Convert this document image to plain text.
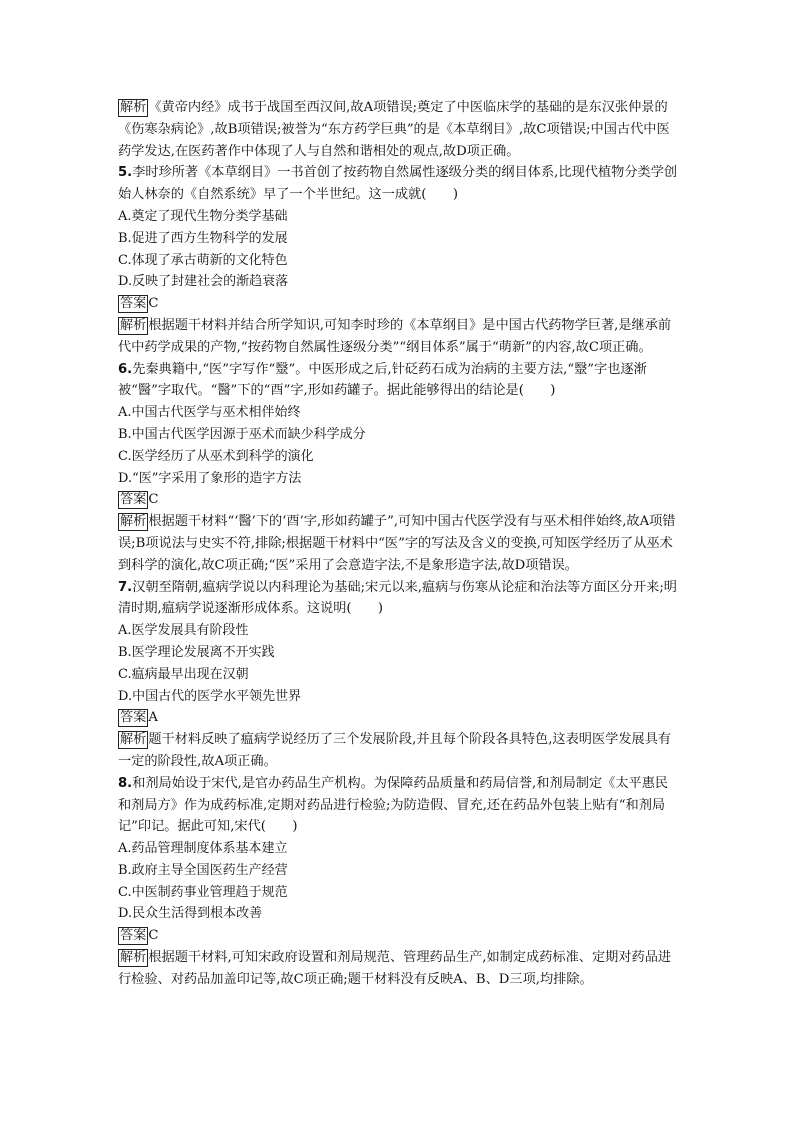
解析 《黄帝内经》成书于战国至西汉间,故A项错误;奠定了中医临床学的基础的是东汉张仲景的《伤寒杂病论》,故B项错误;被誉为“东方药学巨典”的是《本草纲目》,故C项错误;中国古代中医药学发达,在医药著作中体现了人与自然和谐相处的观点,故D项正确。

5.李时珍所著《本草纲目》一书首创了按药物自然属性逐级分类的纲目体系,比现代植物分类学创始人林奈的《自然系统》早了一个半世纪。这一成就(　　)

A.奠定了现代生物分类学基础

B.促进了西方生物科学的发展

C.体现了承古萌新的文化特色

D.反映了封建社会的渐趋衰落

答案 C

解析 根据题干材料并结合所学知识,可知李时珍的《本草纲目》是中国古代药物学巨著,是继承前代中药学成果的产物,“按药物自然属性逐级分类”“纲目体系”属于“萌新”的内容,故C项正确。

6.先秦典籍中,“医”字写作“毉”。中医形成之后,针砭药石成为治病的主要方法,“毉”字也逐渐被“醫”字取代。“醫”下的“酉”字,形如药罐子。据此能够得出的结论是(　　)

A.中国古代医学与巫术相伴始终

B.中国古代医学因源于巫术而缺少科学成分

C.医学经历了从巫术到科学的演化

D.“医”字采用了象形的造字方法

答案 C

解析 根据题干材料“‘醫’下的‘酉’字,形如药罐子”,可知中国古代医学没有与巫术相伴始终,故A项错误;B项说法与史实不符,排除;根据题干材料中“医”字的写法及含义的变换,可知医学经历了从巫术到科学的演化,故C项正确;“医”采用了会意造字法,不是象形造字法,故D项错误。

7.汉朝至隋朝,瘟病学说以内科理论为基础;宋元以来,瘟病与伤寒从论症和治法等方面区分开来;明清时期,瘟病学说逐渐形成体系。这说明(　　)

A.医学发展具有阶段性

B.医学理论发展离不开实践

C.瘟病最早出现在汉朝

D.中国古代的医学水平领先世界

答案 A

解析 题干材料反映了瘟病学说经历了三个发展阶段,并且每个阶段各具特色,这表明医学发展具有一定的阶段性,故A项正确。

8.和剂局始设于宋代,是官办药品生产机构。为保障药品质量和药局信誉,和剂局制定《太平惠民和剂局方》作为成药标准,定期对药品进行检验;为防造假、冒充,还在药品外包装上贴有“和剂局记”印记。据此可知,宋代(　　)

A.药品管理制度体系基本建立

B.政府主导全国医药生产经营

C.中医制药事业管理趋于规范

D.民众生活得到根本改善

答案 C

解析 根据题干材料,可知宋政府设置和剂局规范、管理药品生产,如制定成药标准、定期对药品进行检验、对药品加盖印记等,故C项正确;题干材料没有反映A、B、D三项,均排除。
